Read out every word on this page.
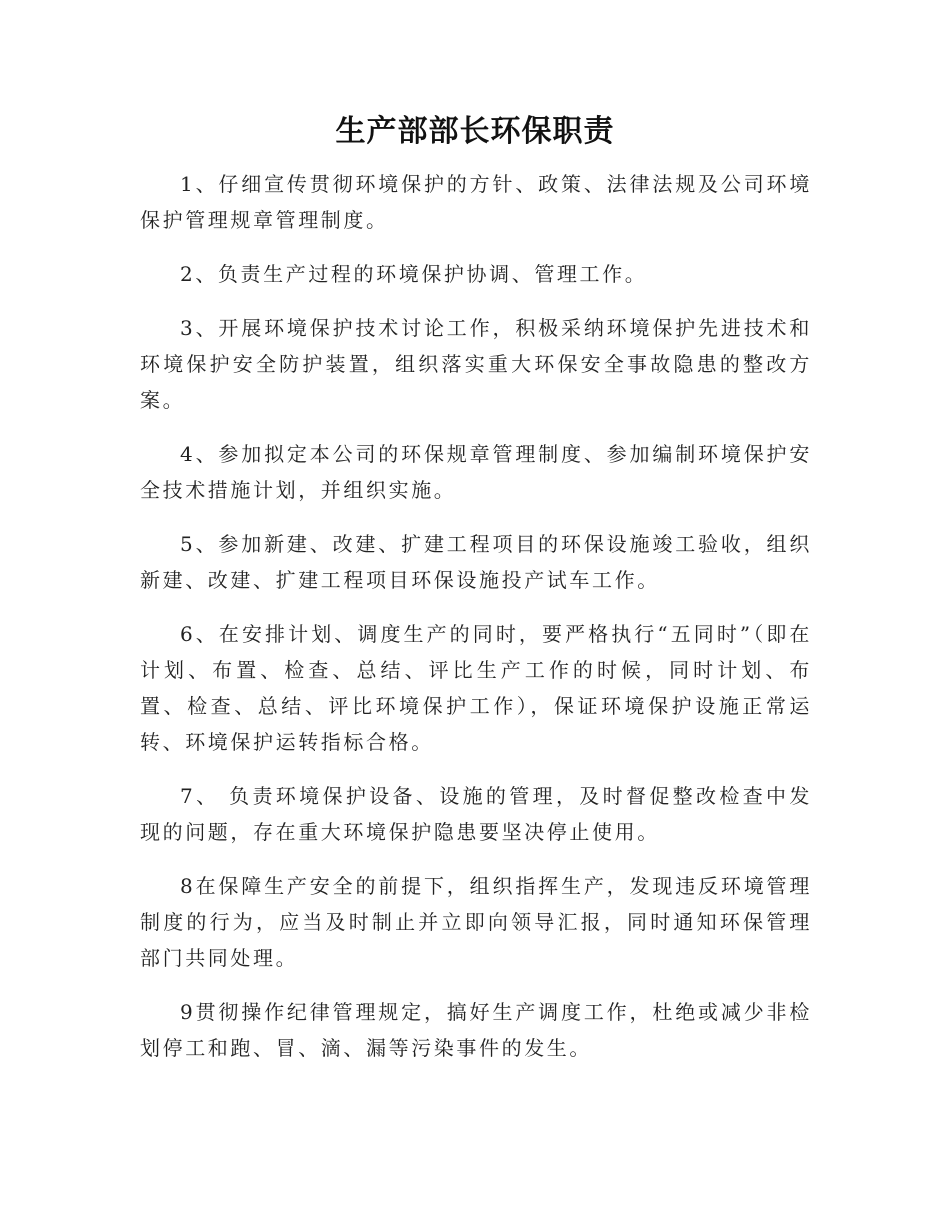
生产部部长环保职责

1、仔细宣传贯彻环境保护的方针、政策、法律法规及公司环境保护管理规章管理制度。

2、负责生产过程的环境保护协调、管理工作。

3、开展环境保护技术讨论工作，积极采纳环境保护先进技术和环境保护安全防护装置，组织落实重大环保安全事故隐患的整改方案。

4、参加拟定本公司的环保规章管理制度、参加编制环境保护安全技术措施计划，并组织实施。

5、参加新建、改建、扩建工程项目的环保设施竣工验收，组织新建、改建、扩建工程项目环保设施投产试车工作。

6、在安排计划、调度生产的同时，要严格执行“五同时”（即在计划、布置、检查、总结、评比生产工作的时候，同时计划、布置、检查、总结、评比环境保护工作），保证环境保护设施正常运转、环境保护运转指标合格。

7、 负责环境保护设备、设施的管理，及时督促整改检查中发现的问题，存在重大环境保护隐患要坚决停止使用。

8在保障生产安全的前提下，组织指挥生产，发现违反环境管理制度的行为，应当及时制止并立即向领导汇报，同时通知环保管理部门共同处理。

9贯彻操作纪律管理规定，搞好生产调度工作，杜绝或减少非检划停工和跑、冒、滴、漏等污染事件的发生。
